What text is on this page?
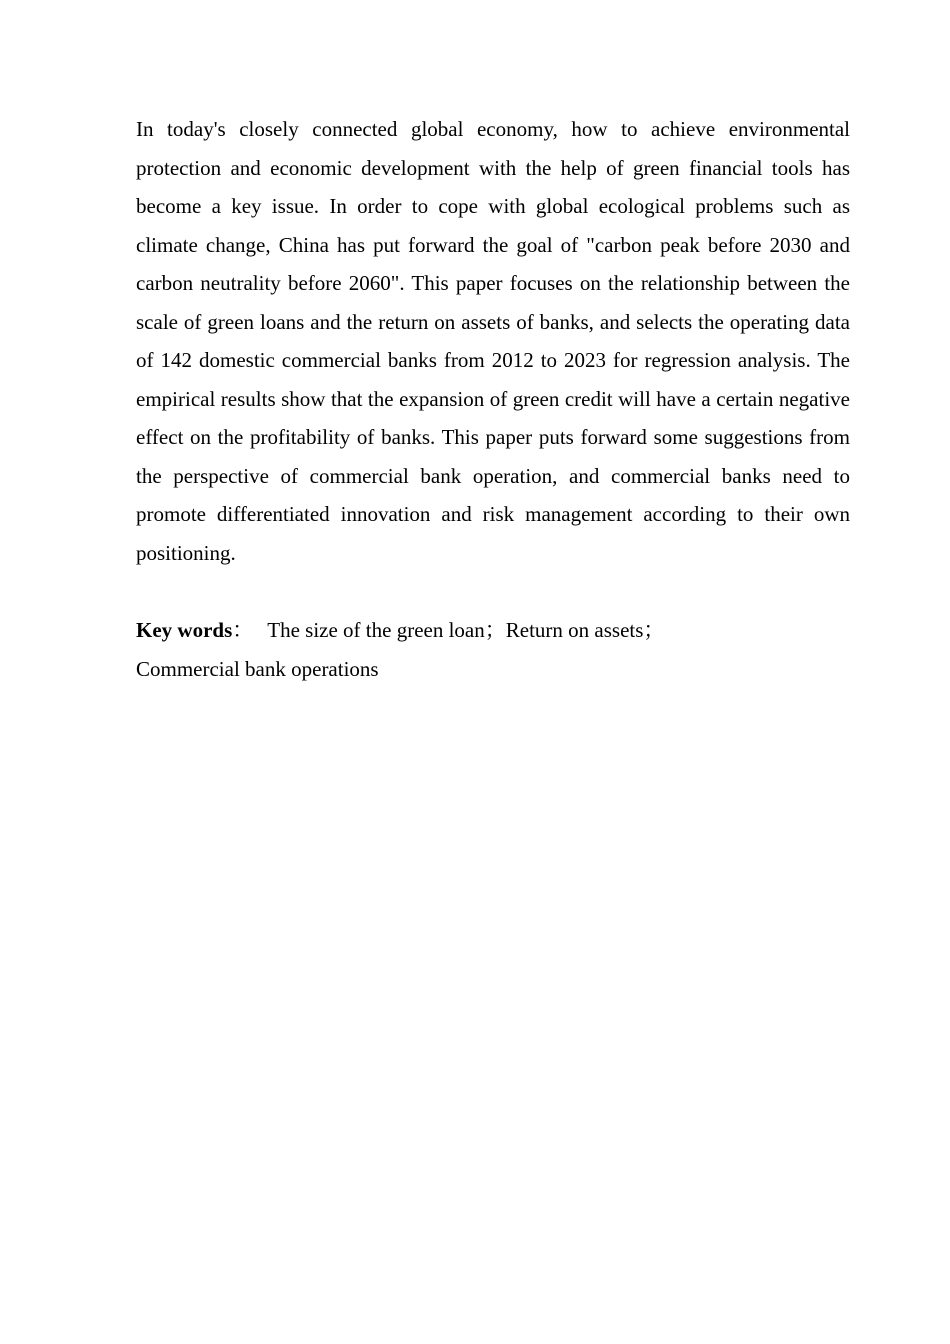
In today's closely connected global economy, how to achieve environmental protection and economic development with the help of green financial tools has become a key issue. In order to cope with global ecological problems such as climate change, China has put forward the goal of "carbon peak before 2030 and carbon neutrality before 2060". This paper focuses on the relationship between the scale of green loans and the return on assets of banks, and selects the operating data of 142 domestic commercial banks from 2012 to 2023 for regression analysis. The empirical results show that the expansion of green credit will have a certain negative effect on the profitability of banks. This paper puts forward some suggestions from the perspective of commercial bank operation, and commercial banks need to promote differentiated innovation and risk management according to their own positioning.

Key words： The size of the green loan；Return on assets；
Commercial bank operations
